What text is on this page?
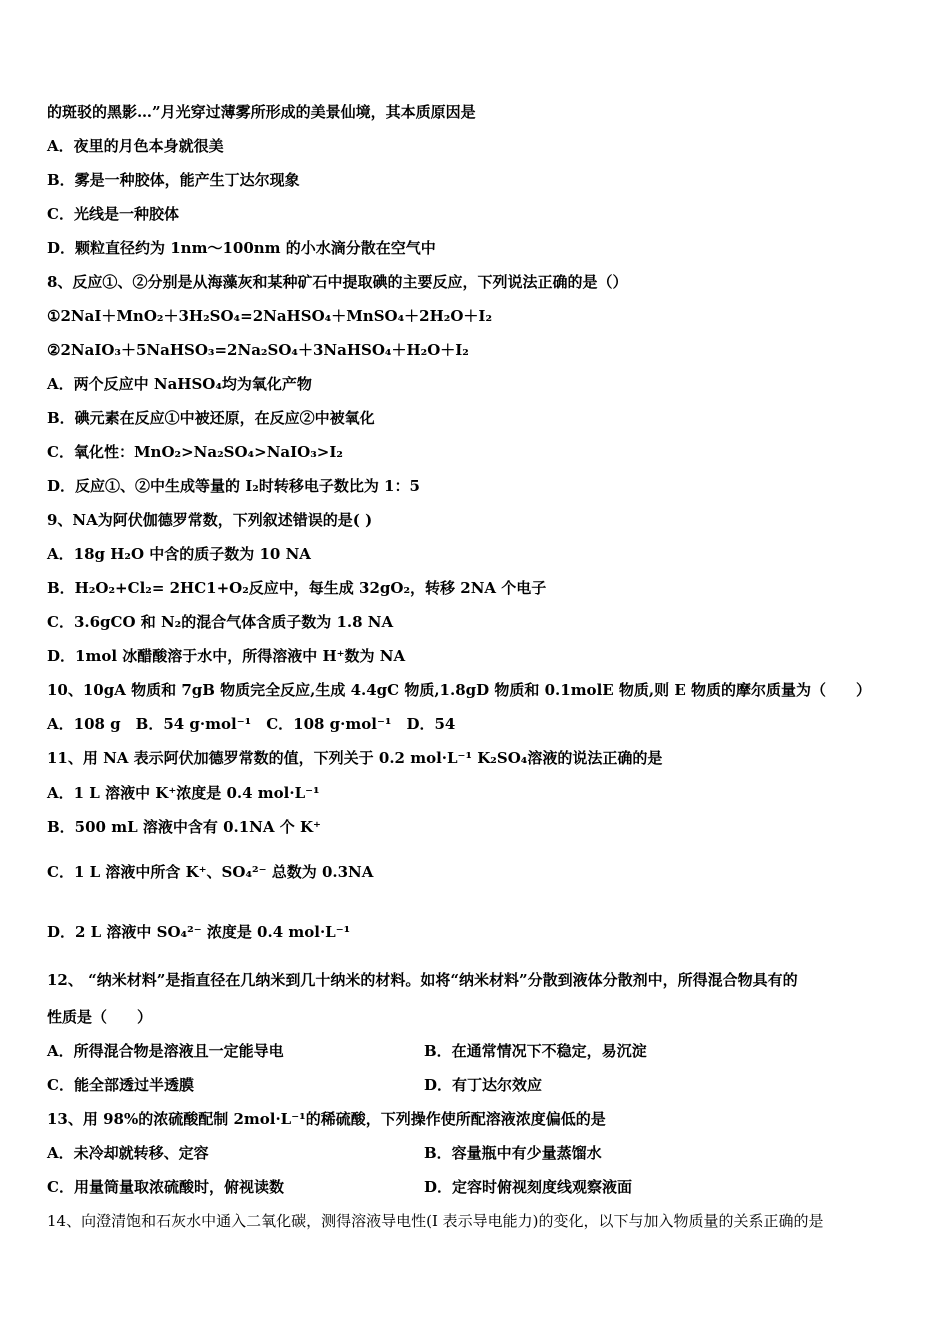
的斑驳的黑影…”月光穿过薄雾所形成的美景仙境，其本质原因是
A．夜里的月色本身就很美
B．雾是一种胶体，能产生丁达尔现象
C．光线是一种胶体
D．颗粒直径约为 1nm～100nm 的小水滴分散在空气中
8、反应①、②分别是从海藻灰和某种矿石中提取碘的主要反应，下列说法正确的是（）
①2NaI＋MnO₂＋3H₂SO₄=2NaHSO₄＋MnSO₄＋2H₂O＋I₂
②2NaIO₃＋5NaHSO₃=2Na₂SO₄＋3NaHSO₄＋H₂O＋I₂
A．两个反应中 NaHSO₄均为氧化产物
B．碘元素在反应①中被还原，在反应②中被氧化
C．氧化性：MnO₂>Na₂SO₄>NaIO₃>I₂
D．反应①、②中生成等量的 I₂时转移电子数比为 1：5
9、NA为阿伏伽德罗常数，下列叙述错误的是( )
A．18g H₂O 中含的质子数为 10 NA
B．H₂O₂+Cl₂= 2HC1+O₂反应中，每生成 32gO₂，转移 2NA 个电子
C．3.6gCO 和 N₂的混合气体含质子数为 1.8 NA
D．1mol 冰醋酸溶于水中，所得溶液中 H⁺数为 NA
10、10gA 物质和 7gB 物质完全反应,生成 4.4gC 物质,1.8gD 物质和 0.1molE 物质,则 E 物质的摩尔质量为（　　）
A．108 g　B．54 g·mol⁻¹　C．108 g·mol⁻¹　D．54
11、用 NA 表示阿伏加德罗常数的值，下列关于 0.2 mol·L⁻¹ K₂SO₄溶液的说法正确的是
A．1 L 溶液中 K⁺浓度是 0.4 mol·L⁻¹
B．500 mL 溶液中含有 0.1NA 个 K⁺
C．1 L 溶液中所含 K⁺、SO₄²⁻ 总数为 0.3NA
D．2 L 溶液中 SO₄²⁻ 浓度是 0.4 mol·L⁻¹
12、 “纳米材料”是指直径在几纳米到几十纳米的材料。如将“纳米材料”分散到液体分散剂中，所得混合物具有的
性质是（　　）
A．所得混合物是溶液且一定能导电	B．在通常情况下不稳定，易沉淀
C．能全部透过半透膜	D．有丁达尔效应
13、用 98%的浓硫酸配制 2mol·L⁻¹的稀硫酸，下列操作使所配溶液浓度偏低的是
A．未冷却就转移、定容	B．容量瓶中有少量蒸馏水
C．用量筒量取浓硫酸时，俯视读数	D．定容时俯视刻度线观察液面
14、向澄清饱和石灰水中通入二氧化碳，测得溶液导电性(I 表示导电能力)的变化，以下与加入物质量的关系正确的是
